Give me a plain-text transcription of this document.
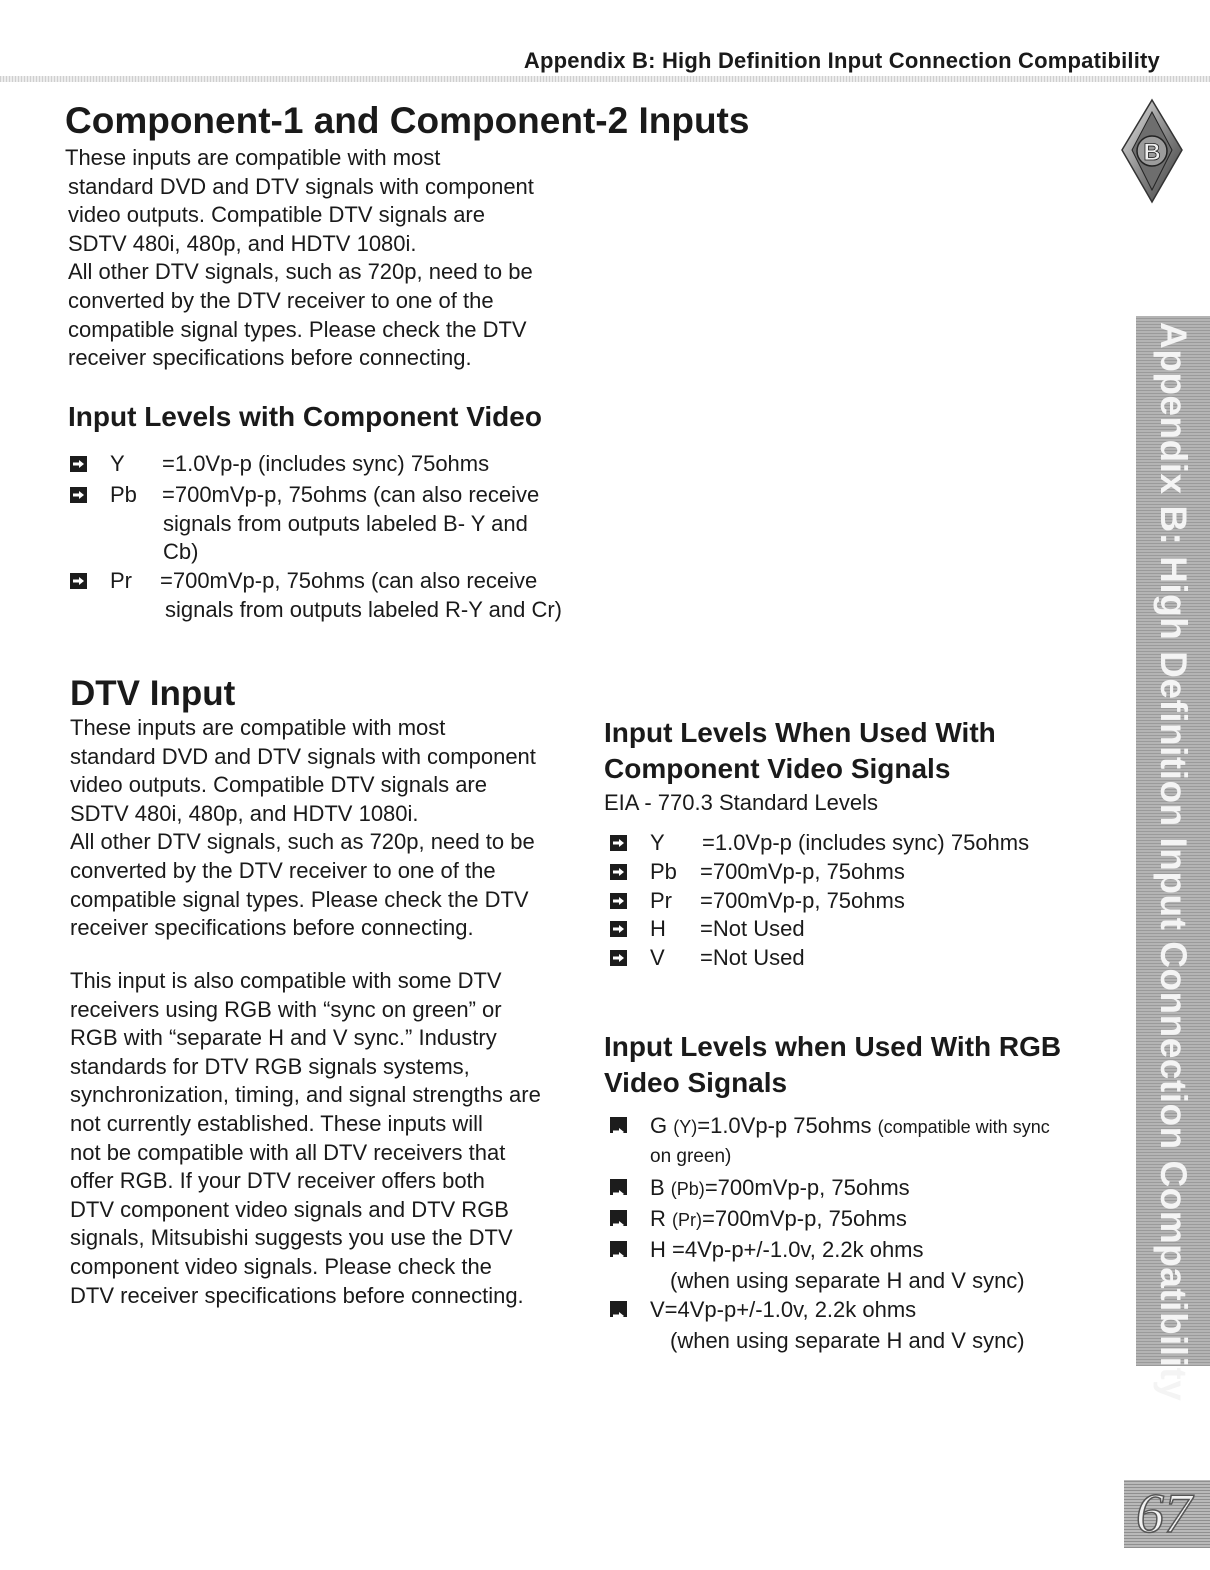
Appendix B: High Definition Input Connection Compatibility
Component-1 and Component-2 Inputs
These inputs are compatible with most
standard DVD and DTV signals with component
video outputs. Compatible DTV signals are
SDTV 480i, 480p, and HDTV 1080i.
All other DTV signals, such as 720p, need to be
converted by the DTV receiver to one of the
compatible signal types. Please check the DTV
receiver specifications before connecting.
Input Levels with Component Video
Y =1.0Vp-p (includes sync) 75ohms
Pb =700mVp-p, 75ohms (can also receive
signals from outputs labeled B- Y and
Cb)
Pr =700mVp-p, 75ohms (can also receive
signals from outputs labeled R-Y and Cr)
DTV Input
These inputs are compatible with most
standard DVD and DTV signals with component
video outputs. Compatible DTV signals are
SDTV 480i, 480p, and HDTV 1080i.
All other DTV signals, such as 720p, need to be
converted by the DTV receiver to one of the
compatible signal types. Please check the DTV
receiver specifications before connecting.
This input is also compatible with some DTV
receivers using RGB with “sync on green” or
RGB with “separate H and V sync.” Industry
standards for DTV RGB signals systems,
synchronization, timing, and signal strengths are
not currently established. These inputs will
not be compatible with all DTV receivers that
offer RGB. If your DTV receiver offers both
DTV component video signals and DTV RGB
signals, Mitsubishi suggests you use the DTV
component video signals. Please check the
DTV receiver specifications before connecting.
Input Levels When Used With
Component Video Signals
EIA - 770.3 Standard Levels
Y =1.0Vp-p (includes sync) 75ohms
Pb =700mVp-p, 75ohms
Pr =700mVp-p, 75ohms
H =Not Used
V =Not Used
Input Levels when Used With RGB
Video Signals
G (Y)=1.0Vp-p 75ohms (compatible with sync
on green)
B (Pb)=700mVp-p, 75ohms
R (Pr)=700mVp-p, 75ohms
H =4Vp-p+/-1.0v, 2.2k ohms
(when using separate H and V sync)
V=4Vp-p+/-1.0v, 2.2k ohms
(when using separate H and V sync)
B
Appendix B: High Definition Input Connection Compatibility
67
